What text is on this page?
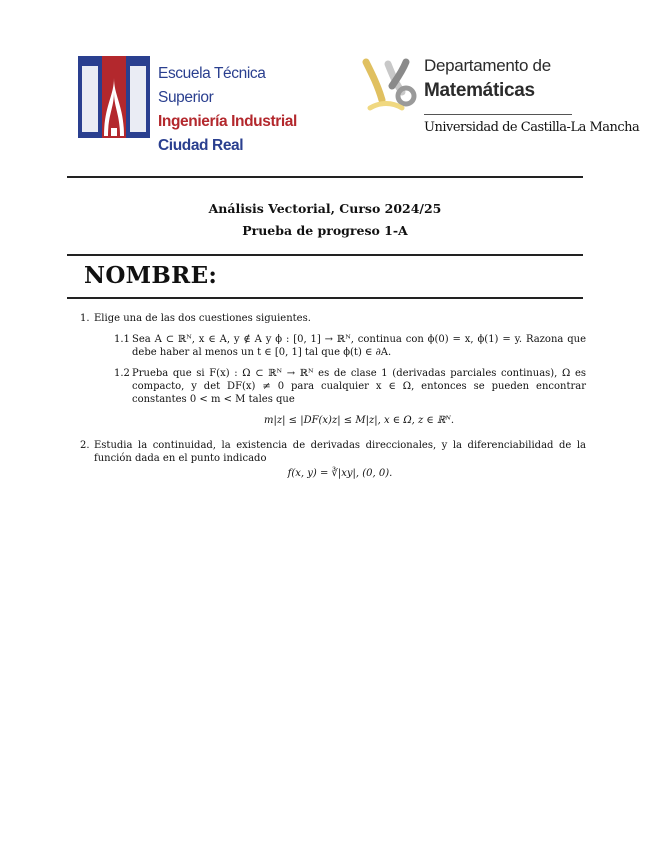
Escuela Técnica Superior
Ingeniería Industrial
Ciudad Real
Departamento de
Matemáticas
Universidad de Castilla-La Mancha
Análisis Vectorial, Curso 2024/25
Prueba de progreso 1-A
NOMBRE:
1. Elige una de las dos cuestiones siguientes.
1.1 Sea A ⊂ ℝᴺ, x ∈ A, y ∉ A y ϕ : [0, 1] → ℝᴺ, continua con ϕ(0) = x, ϕ(1) = y. Razona que debe haber al menos un t ∈ [0, 1] tal que ϕ(t) ∈ ∂A.
1.2 Prueba que si F(x) : Ω ⊂ ℝᴺ → ℝᴺ es de clase 1 (derivadas parciales continuas), Ω es compacto, y det DF(x) ≠ 0 para cualquier x ∈ Ω, entonces se pueden encontrar constantes 0 < m < M tales que
m|z| ≤ |DF(x)z| ≤ M|z|, x ∈ Ω, z ∈ ℝᴺ.
2. Estudia la continuidad, la existencia de derivadas direccionales, y la diferenciabilidad de la función dada en el punto indicado
f(x, y) = ∛|xy|, (0, 0).
